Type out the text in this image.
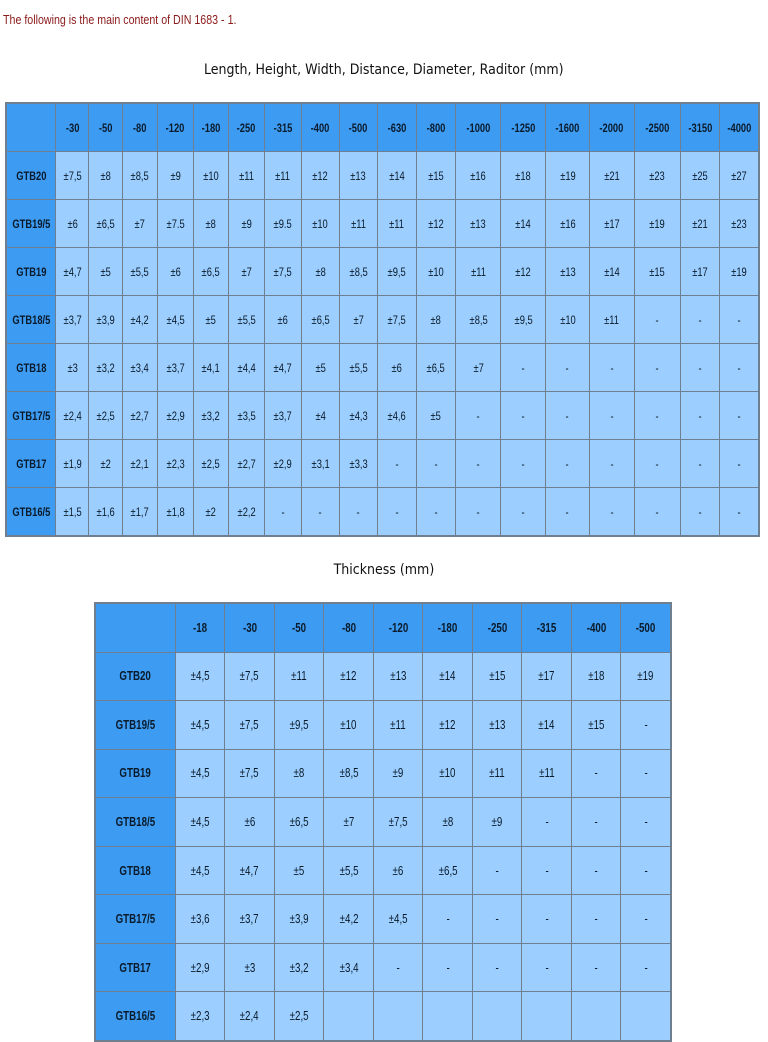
The following is the main content of DIN 1683 - 1.
Length, Height, Width, Distance, Diameter, Raditor (mm)
	-30	-50	-80	-120	-180	-250	-315	-400	-500	-630	-800	-1000	-1250	-1600	-2000	-2500	-3150	-4000
GTB20	±7,5	±8	±8,5	±9	±10	±11	±11	±12	±13	±14	±15	±16	±18	±19	±21	±23	±25	±27
GTB19/5	±6	±6,5	±7	±7.5	±8	±9	±9.5	±10	±11	±11	±12	±13	±14	±16	±17	±19	±21	±23
GTB19	±4,7	±5	±5,5	±6	±6,5	±7	±7,5	±8	±8,5	±9,5	±10	±11	±12	±13	±14	±15	±17	±19
GTB18/5	±3,7	±3,9	±4,2	±4,5	±5	±5,5	±6	±6,5	±7	±7,5	±8	±8,5	±9,5	±10	±11	-	-	-
GTB18	±3	±3,2	±3,4	±3,7	±4,1	±4,4	±4,7	±5	±5,5	±6	±6,5	±7	-	-	-	-	-	-
GTB17/5	±2,4	±2,5	±2,7	±2,9	±3,2	±3,5	±3,7	±4	±4,3	±4,6	±5	-	-	-	-	-	-	-
GTB17	±1,9	±2	±2,1	±2,3	±2,5	±2,7	±2,9	±3,1	±3,3	-	-	-	-	-	-	-	-	-
GTB16/5	±1,5	±1,6	±1,7	±1,8	±2	±2,2	-	-	-	-	-	-	-	-	-	-	-	-
Thickness (mm)
	-18	-30	-50	-80	-120	-180	-250	-315	-400	-500
GTB20	±4,5	±7,5	±11	±12	±13	±14	±15	±17	±18	±19
GTB19/5	±4,5	±7,5	±9,5	±10	±11	±12	±13	±14	±15	-
GTB19	±4,5	±7,5	±8	±8,5	±9	±10	±11	±11	-	-
GTB18/5	±4,5	±6	±6,5	±7	±7,5	±8	±9	-	-	-
GTB18	±4,5	±4,7	±5	±5,5	±6	±6,5	-	-	-	-
GTB17/5	±3,6	±3,7	±3,9	±4,2	±4,5	-	-	-	-	-
GTB17	±2,9	±3	±3,2	±3,4	-	-	-	-	-	-
GTB16/5	±2,3	±2,4	±2,5							
